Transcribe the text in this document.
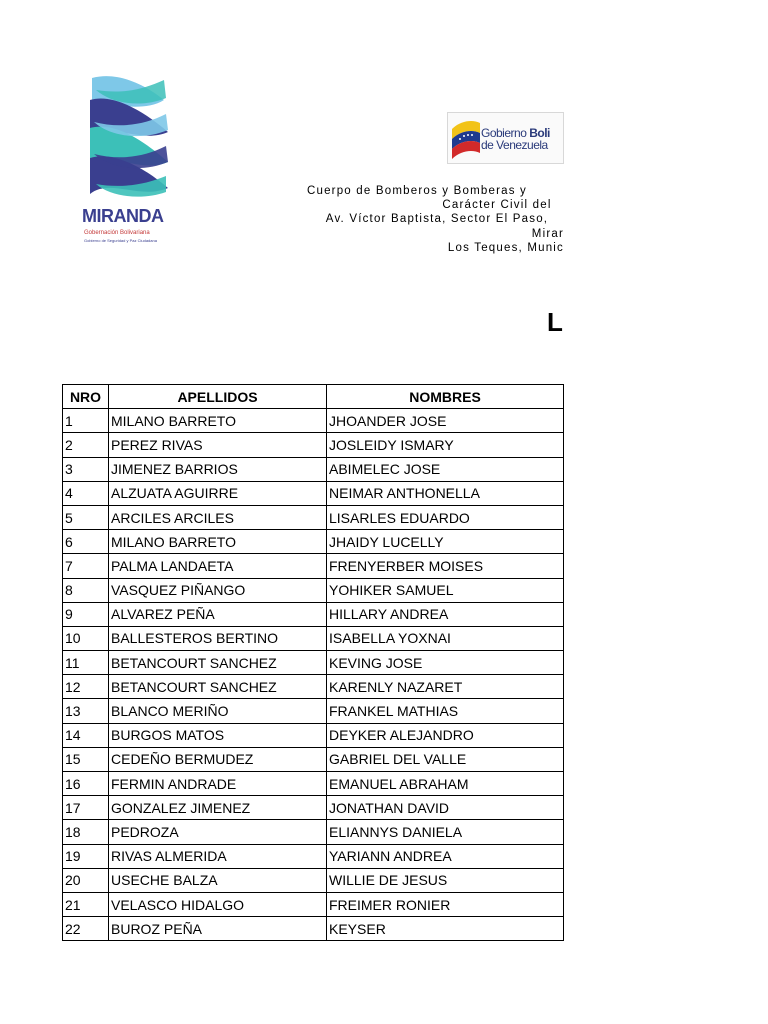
MIRANDA
Gobernación Bolivariana
Gobierno de Seguridad y Paz Ciudadana
Gobierno Boli
de Venezuela
Cuerpo de Bomberos y Bomberas y
Carácter Civil del
Av. Víctor Baptista, Sector El Paso,
Mirar
Los Teques, Munic
L
NRO	APELLIDOS	NOMBRES
1	MILANO BARRETO	JHOANDER JOSE
2	PEREZ RIVAS	JOSLEIDY ISMARY
3	JIMENEZ BARRIOS	ABIMELEC JOSE
4	ALZUATA AGUIRRE	NEIMAR ANTHONELLA
5	ARCILES ARCILES	LISARLES EDUARDO
6	MILANO BARRETO	JHAIDY LUCELLY
7	PALMA LANDAETA	FRENYERBER MOISES
8	VASQUEZ PIÑANGO	YOHIKER SAMUEL
9	ALVAREZ PEÑA	HILLARY ANDREA
10	BALLESTEROS BERTINO	ISABELLA YOXNAI
11	BETANCOURT SANCHEZ	KEVING JOSE
12	BETANCOURT SANCHEZ	KARENLY NAZARET
13	BLANCO MERIÑO	FRANKEL MATHIAS
14	BURGOS MATOS	DEYKER ALEJANDRO
15	CEDEÑO BERMUDEZ	GABRIEL DEL VALLE
16	FERMIN ANDRADE	EMANUEL ABRAHAM
17	GONZALEZ JIMENEZ	JONATHAN DAVID
18	PEDROZA	ELIANNYS DANIELA
19	RIVAS ALMERIDA	YARIANN ANDREA
20	USECHE BALZA	WILLIE DE JESUS
21	VELASCO HIDALGO	FREIMER RONIER
22	BUROZ PEÑA	KEYSER
